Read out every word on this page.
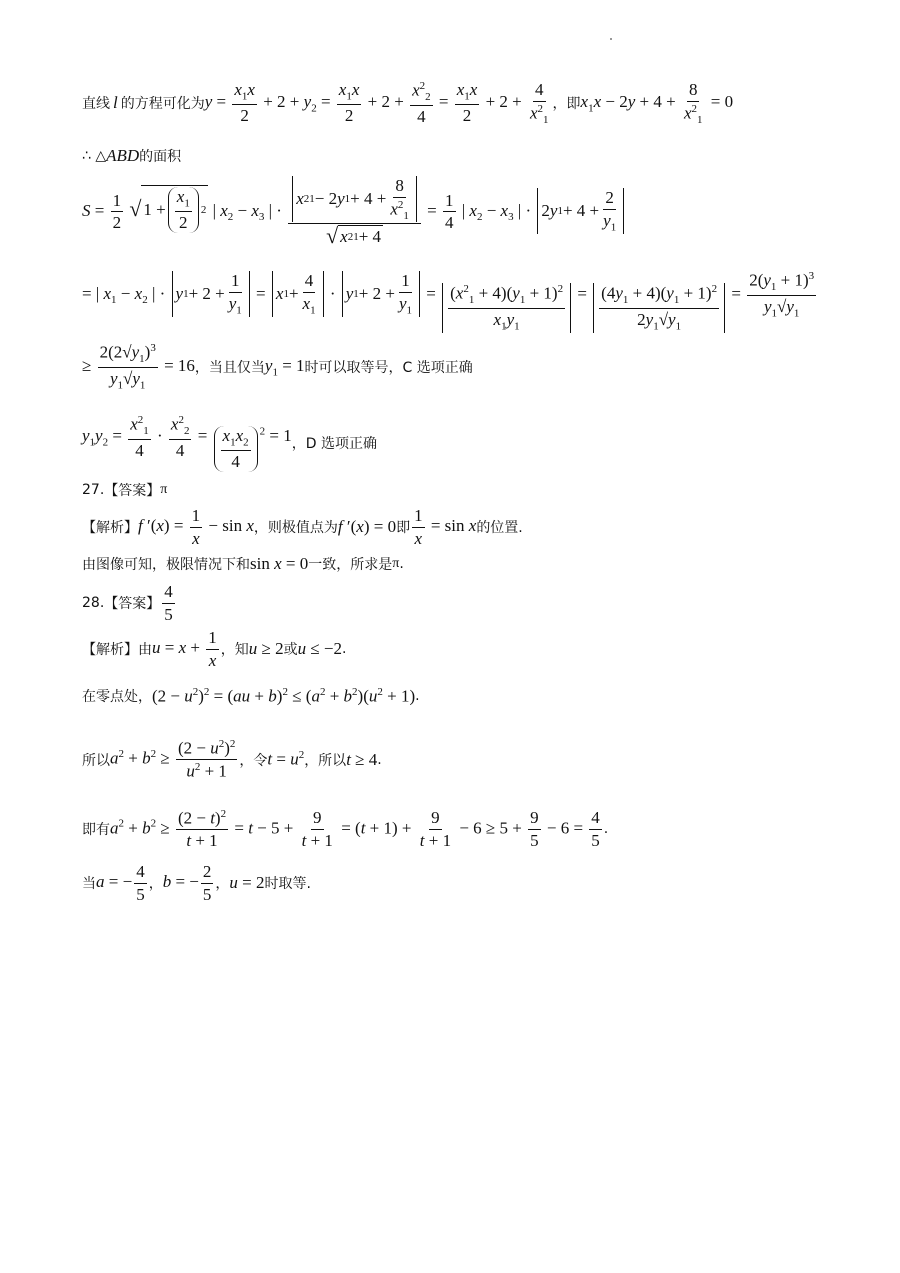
直线 l 的方程可化为 $y = \frac{x_1x}{2} + 2 + y_2 = \frac{x_1x}{2} + 2 + \frac{x^2_2}{4} = \frac{x_1x}{2} + 2 + \frac{4}{x^2_1}$ ，即 $x_1x - 2y + 4 + \frac{8}{x^2_1} = 0$
∴ △ ABD 的面积
$S = \frac{1}{2}$
√ $1 + \frac{x_1}{2} 2$ | $x_2 - x_3$ | · $\frac{x 2 1 - 2 y 1 + 4 + \frac{8}{x^2_1}}{√ x 2 1 + 4} = \frac{1}{4}$ | $x_2 - x_3$ | · 2 y $1 + 4 + \frac{2}{y_1}$
= | $x_1 - x_2$ | · y $1 + 2 + \frac{1}{y_1} = x$ $1 + \frac{4}{x_1} \cdot y$ $1 + 2 + \frac{1}{y_1} = \frac{(x^2_1 + 4)(y_1 + 1)^2}{x_1y_1} = \frac{(4y_1 + 4)(y_1 + 1)^2}{2y_1√y_1} = \frac{2(y_1 + 1)^3}{y_1√y_1}$
≥ $\frac{2(2√y_1)^3}{y_1√y_1} = 16$ ，当且仅当 $y_1 = 1$ 时可以取等号，C 选项正确
$y_1y_2 = \frac{x^2_1}{4} \cdot \frac{x^2_2}{4} = \frac{x_1x_2}{4} ^2 = 1$ ，D 选项正确
27. 【答案】 π
【解析】 f $'(x) = \frac{1}{x} - \sin x$ ，则极值点为 f ′(x) = 0 即 $\frac{1}{x} = \sin x$ 的位置.
由图像可知，极限情况下和 sin x = 0 一致，所求是 π .
28. 【答案】 $\frac{4}{5}$
【解析】 由 $u = x + \frac{1}{x}$ ，知 u ≥ 2 或 u ≤ −2 .
在零点处， $(2 - u^2)^2 = (au + b)^2 \le (a^2 + b^2)(u^2 + 1)$ .
所以 $a^2 + b^2 \ge \frac{(2 - u^2)^2}{u^2 + 1}$ ，令 $t = u^2$ ，所以 t ≥ 4 .
即有 $a^2 + b^2 \ge \frac{(2 - t)^2}{t + 1} = t - 5 + \frac{9}{t + 1} = (t + 1) + \frac{9}{t + 1} - 6 \ge 5 + \frac{9}{5} - 6 = \frac{4}{5}$ .
当 a = − $\frac{4}{5}$ ， b = − $\frac{2}{5}$ ， u = 2 时取等.
